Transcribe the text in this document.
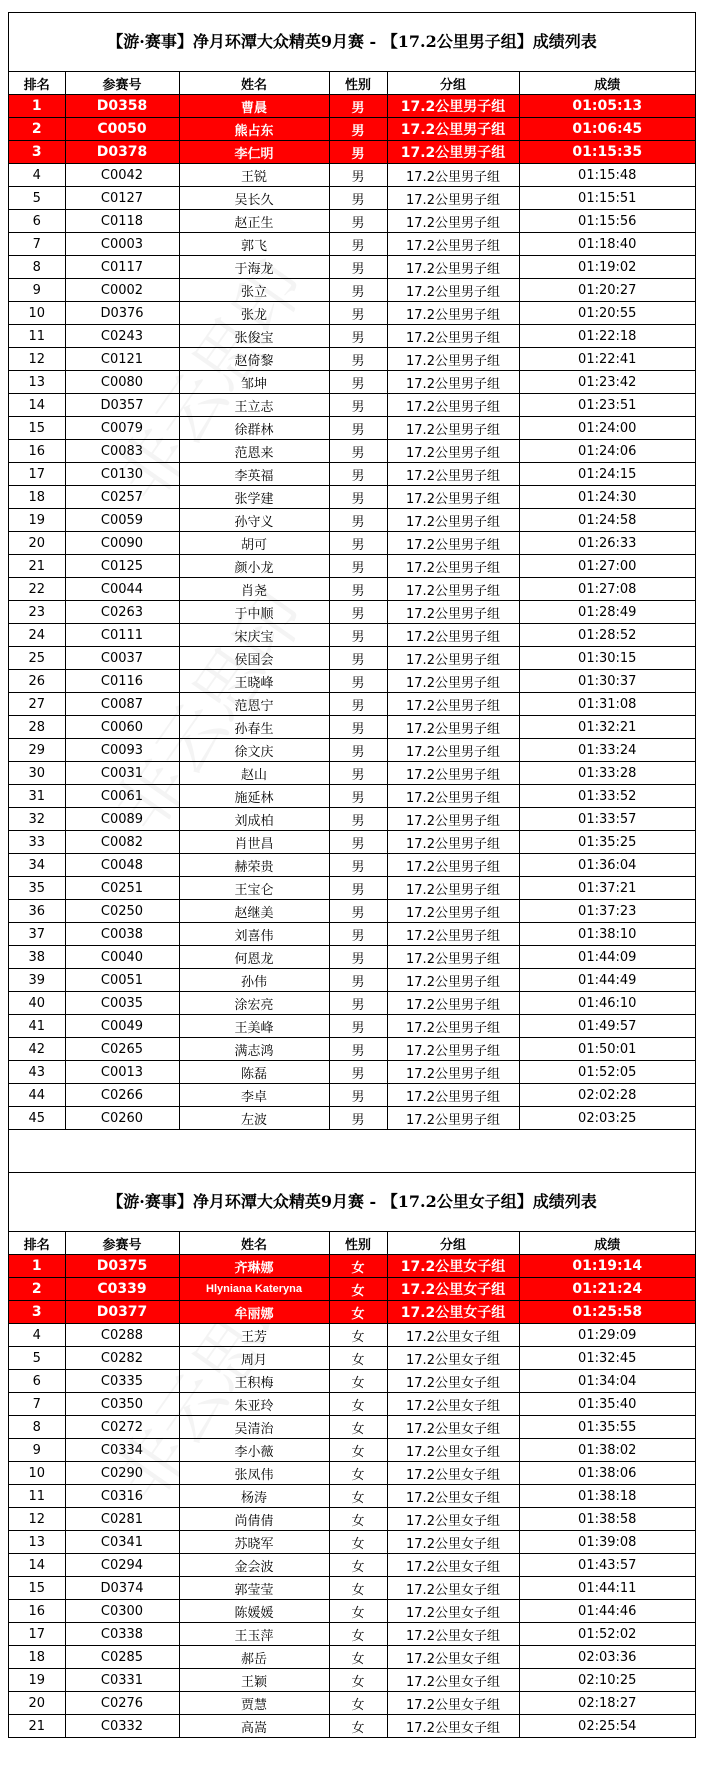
【游·赛事】净月环潭大众精英9月赛 - 【17.2公里男子组】成绩列表
排名	参赛号	姓名	性别	分组	成绩
1	D0358	曹晨	男	17.2公里男子组	01:05:13
2	C0050	熊占东	男	17.2公里男子组	01:06:45
3	D0378	李仁明	男	17.2公里男子组	01:15:35
4	C0042	王锐	男	17.2公里男子组	01:15:48
5	C0127	吴长久	男	17.2公里男子组	01:15:51
6	C0118	赵正生	男	17.2公里男子组	01:15:56
7	C0003	郭飞	男	17.2公里男子组	01:18:40
8	C0117	于海龙	男	17.2公里男子组	01:19:02
9	C0002	张立	男	17.2公里男子组	01:20:27
10	D0376	张龙	男	17.2公里男子组	01:20:55
11	C0243	张俊宝	男	17.2公里男子组	01:22:18
12	C0121	赵倚黎	男	17.2公里男子组	01:22:41
13	C0080	邹坤	男	17.2公里男子组	01:23:42
14	D0357	王立志	男	17.2公里男子组	01:23:51
15	C0079	徐群林	男	17.2公里男子组	01:24:00
16	C0083	范恩来	男	17.2公里男子组	01:24:06
17	C0130	李英福	男	17.2公里男子组	01:24:15
18	C0257	张学建	男	17.2公里男子组	01:24:30
19	C0059	孙守义	男	17.2公里男子组	01:24:58
20	C0090	胡可	男	17.2公里男子组	01:26:33
21	C0125	颜小龙	男	17.2公里男子组	01:27:00
22	C0044	肖尧	男	17.2公里男子组	01:27:08
23	C0263	于中顺	男	17.2公里男子组	01:28:49
24	C0111	宋庆宝	男	17.2公里男子组	01:28:52
25	C0037	侯国会	男	17.2公里男子组	01:30:15
26	C0116	王晓峰	男	17.2公里男子组	01:30:37
27	C0087	范恩宁	男	17.2公里男子组	01:31:08
28	C0060	孙春生	男	17.2公里男子组	01:32:21
29	C0093	徐文庆	男	17.2公里男子组	01:33:24
30	C0031	赵山	男	17.2公里男子组	01:33:28
31	C0061	施延林	男	17.2公里男子组	01:33:52
32	C0089	刘成柏	男	17.2公里男子组	01:33:57
33	C0082	肖世昌	男	17.2公里男子组	01:35:25
34	C0048	赫荣贵	男	17.2公里男子组	01:36:04
35	C0251	王宝仑	男	17.2公里男子组	01:37:21
36	C0250	赵继美	男	17.2公里男子组	01:37:23
37	C0038	刘喜伟	男	17.2公里男子组	01:38:10
38	C0040	何恩龙	男	17.2公里男子组	01:44:09
39	C0051	孙伟	男	17.2公里男子组	01:44:49
40	C0035	涂宏亮	男	17.2公里男子组	01:46:10
41	C0049	王美峰	男	17.2公里男子组	01:49:57
42	C0265	满志鸿	男	17.2公里男子组	01:50:01
43	C0013	陈磊	男	17.2公里男子组	01:52:05
44	C0266	李卓	男	17.2公里男子组	02:02:28
45	C0260	左波	男	17.2公里男子组	02:03:25
【游·赛事】净月环潭大众精英9月赛 - 【17.2公里女子组】成绩列表
排名	参赛号	姓名	性别	分组	成绩
1	D0375	齐琳娜	女	17.2公里女子组	01:19:14
2	C0339	Hlyniana Kateryna	女	17.2公里女子组	01:21:24
3	D0377	牟丽娜	女	17.2公里女子组	01:25:58
4	C0288	王芳	女	17.2公里女子组	01:29:09
5	C0282	周月	女	17.2公里女子组	01:32:45
6	C0335	王积梅	女	17.2公里女子组	01:34:04
7	C0350	朱亚玲	女	17.2公里女子组	01:35:40
8	C0272	吴清治	女	17.2公里女子组	01:35:55
9	C0334	李小薇	女	17.2公里女子组	01:38:02
10	C0290	张凤伟	女	17.2公里女子组	01:38:06
11	C0316	杨涛	女	17.2公里女子组	01:38:18
12	C0281	尚倩倩	女	17.2公里女子组	01:38:58
13	C0341	苏晓军	女	17.2公里女子组	01:39:08
14	C0294	金会波	女	17.2公里女子组	01:43:57
15	D0374	郭莹莹	女	17.2公里女子组	01:44:11
16	C0300	陈媛媛	女	17.2公里女子组	01:44:46
17	C0338	王玉萍	女	17.2公里女子组	01:52:02
18	C0285	郝岳	女	17.2公里女子组	02:03:36
19	C0331	王颖	女	17.2公里女子组	02:10:25
20	C0276	贾慧	女	17.2公里女子组	02:18:27
21	C0332	高嵩	女	17.2公里女子组	02:25:54
